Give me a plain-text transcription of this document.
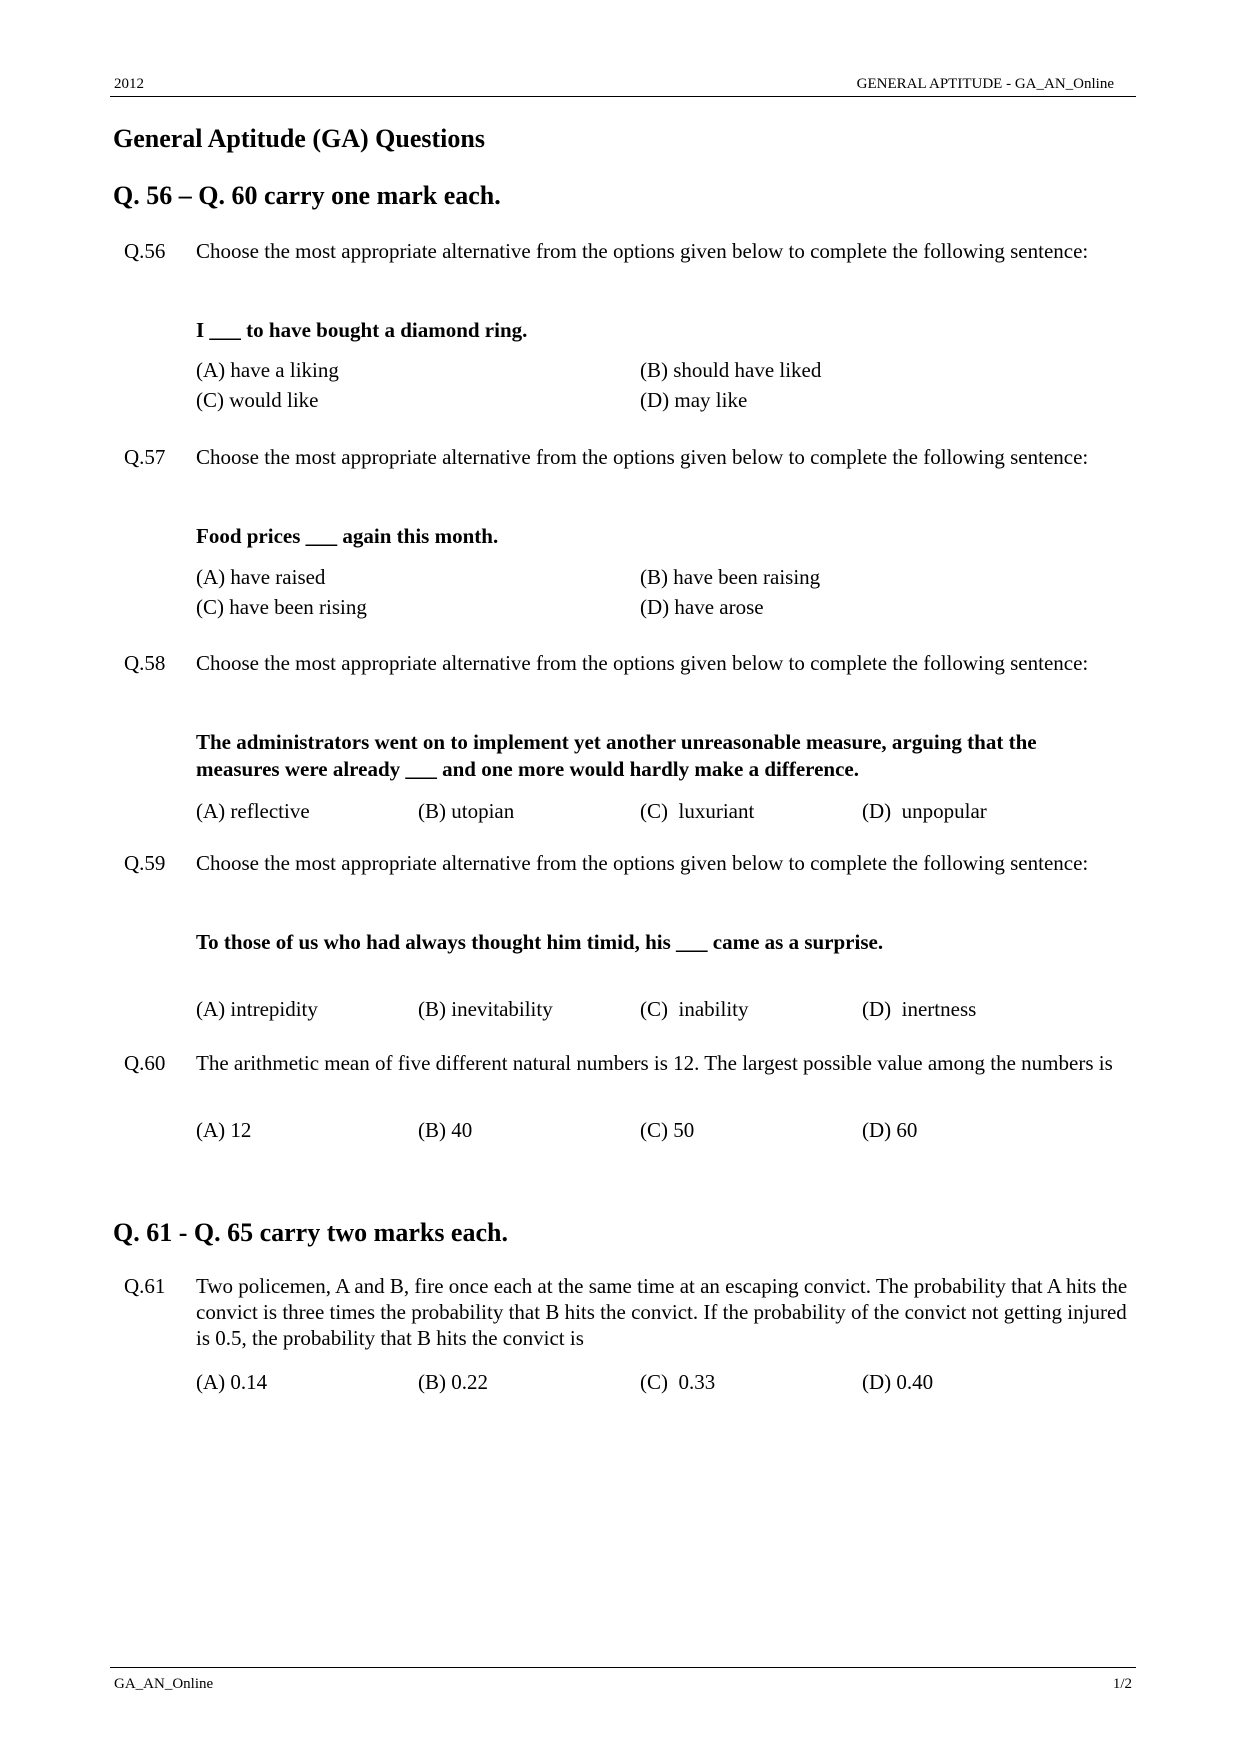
2012	GENERAL APTITUDE - GA_AN_Online
General Aptitude (GA) Questions
Q. 56 – Q. 60 carry one mark each.
Q.56 Choose the most appropriate alternative from the options given below to complete the following sentence:
I ___ to have bought a diamond ring.
(A) have a liking	(B) should have liked
(C) would like	(D) may like
Q.57 Choose the most appropriate alternative from the options given below to complete the following sentence:
Food prices ___ again this month.
(A) have raised	(B) have been raising
(C) have been rising	(D) have arose
Q.58 Choose the most appropriate alternative from the options given below to complete the following sentence:
The administrators went on to implement yet another unreasonable measure, arguing that the measures were already ___ and one more would hardly make a difference.
(A) reflective	(B) utopian	(C)  luxuriant	(D)  unpopular
Q.59 Choose the most appropriate alternative from the options given below to complete the following sentence:
To those of us who had always thought him timid, his ___ came as a surprise.
(A) intrepidity	(B) inevitability	(C)  inability	(D)  inertness
Q.60 The arithmetic mean of five different natural numbers is 12. The largest possible value among the numbers is
(A) 12	(B) 40	(C) 50	(D) 60
Q. 61 - Q. 65 carry two marks each.
Q.61 Two policemen, A and B, fire once each at the same time at an escaping convict. The probability that A hits the convict is three times the probability that B hits the convict. If the probability of the convict not getting injured is 0.5, the probability that B hits the convict is
(A) 0.14	(B) 0.22	(C)  0.33	(D) 0.40
GA_AN_Online	1/2
